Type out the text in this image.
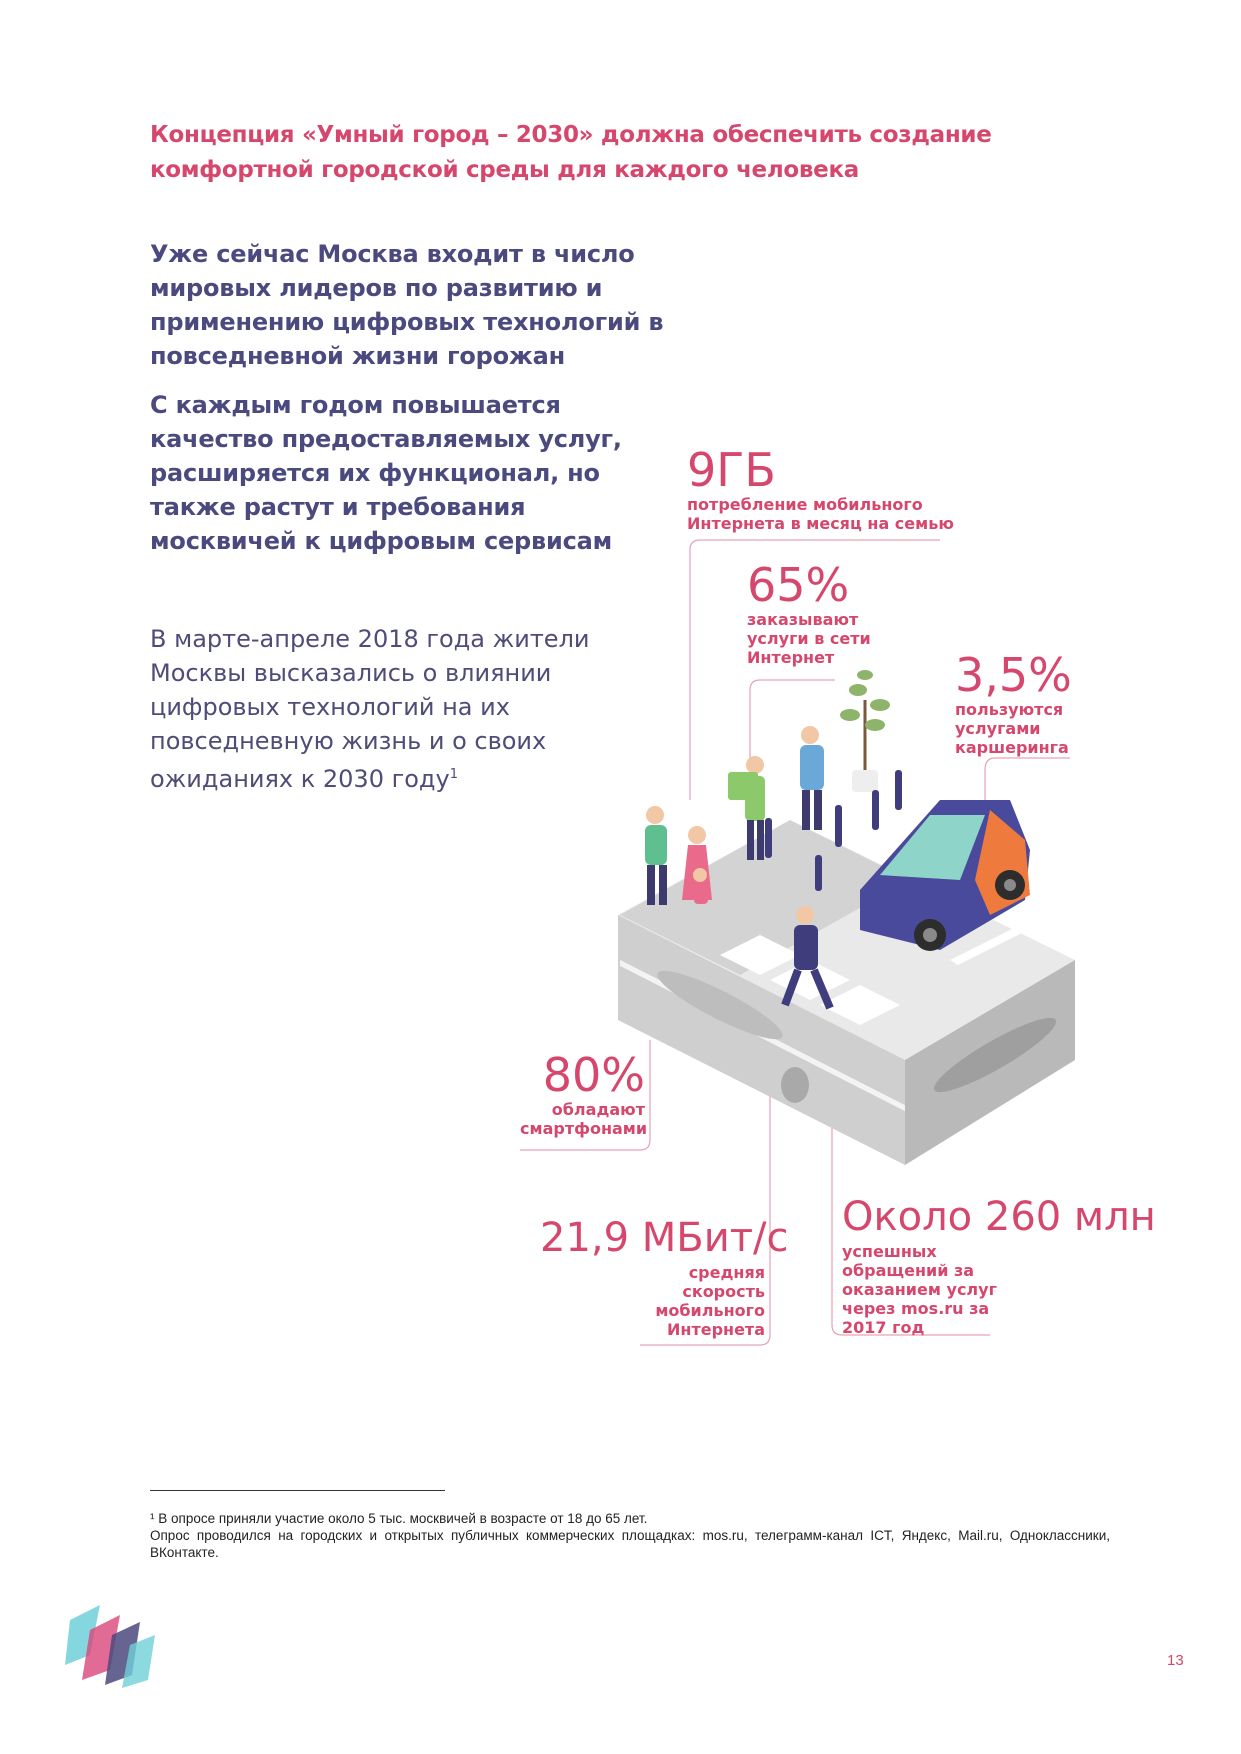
Концепция «Умный город – 2030» должна обеспечить создание комфортной городской среды для каждого человека
Уже сейчас Москва входит в число мировых лидеров по развитию и применению цифровых технологий в повседневной жизни горожан
С каждым годом повышается качество предоставляемых услуг, расширяется их функционал, но также растут и требования москвичей к цифровым сервисам
В марте-апреле 2018 года жители Москвы высказались о влиянии цифровых технологий на их повседневную жизнь и о своих ожиданиях к 2030 году$^1$
9ГБ
потребление мобильного Интернета в месяц на семью
65%
заказывают услуги в сети Интернет	3,5%
пользуются услугами каршеринга
80%
обладают смартфонами
21,9 МБит/с
средняя скорость мобильного Интернета
Около 260 млн
успешных обращений за оказанием услуг через mos.ru за 2017 год
¹ В опросе приняли участие около 5 тыс. москвичей в возрасте от 18 до 65 лет.
Опрос проводился на городских и открытых публичных коммерческих площадках: mos.ru, телеграмм-канал ICT, Яндекс, Mail.ru, Одноклассники, ВКонтакте.
13
